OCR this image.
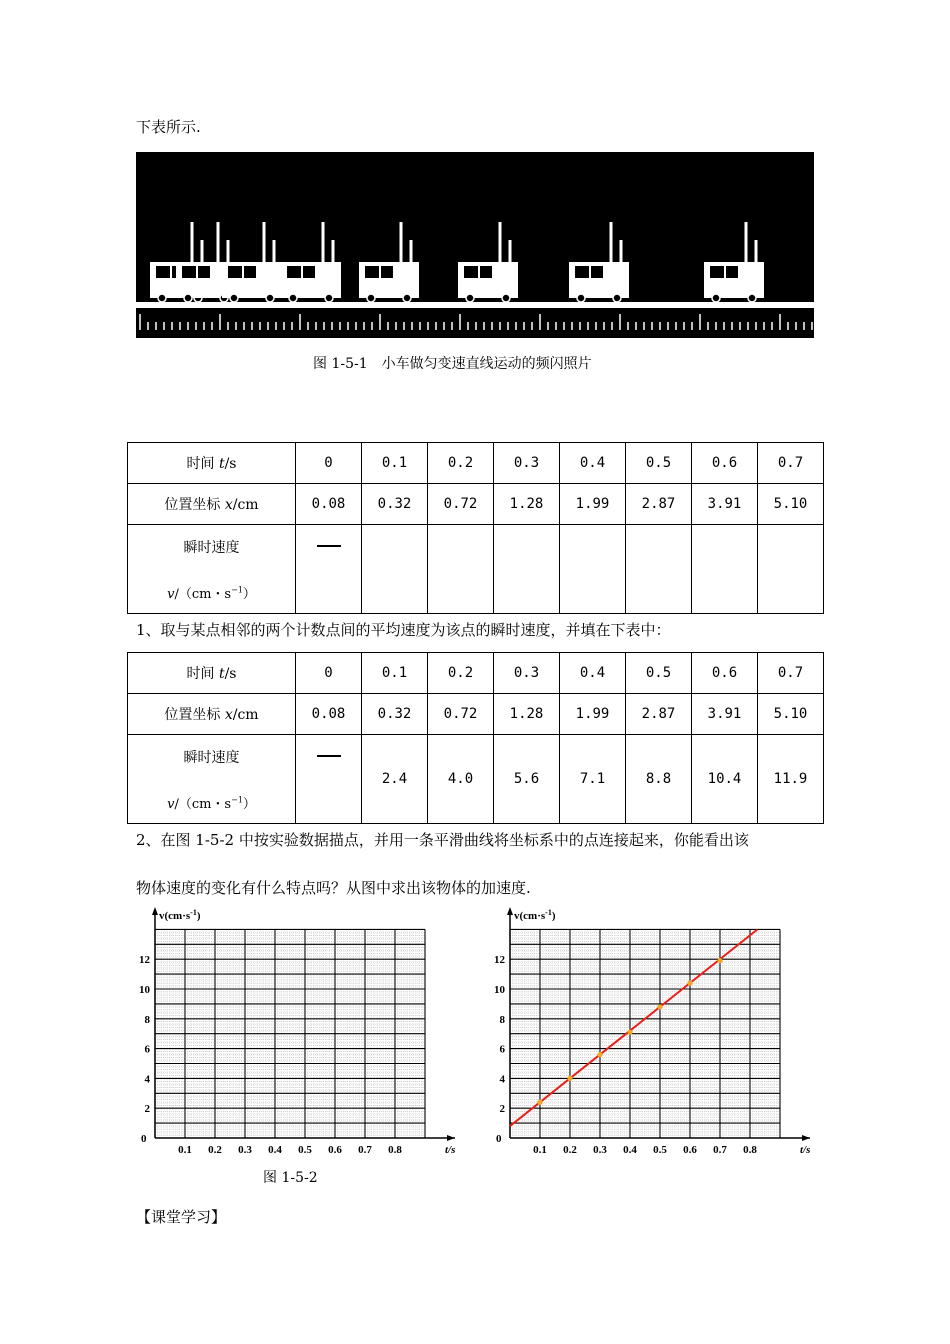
下表所示.
图 1-5-1　小车做匀变速直线运动的频闪照片
时间 t/s	0	0.1	0.2	0.3	0.4	0.5	0.6	0.7
位置坐标 x/cm	0.08	0.32	0.72	1.28	1.99	2.87	3.91	5.10

瞬时速度
v/（cm・$s^{-1}$）								

1、取与某点相邻的两个计数点间的平均速度为该点的瞬时速度，并填在下表中：
时间 t/s	0	0.1	0.2	0.3	0.4	0.5	0.6	0.7
位置坐标 x/cm	0.08	0.32	0.72	1.28	1.99	2.87	3.91	5.10

瞬时速度
v/（cm・$s^{-1}$）		2.4	4.0	5.6	7.1	8.8	10.4	11.9
2、在图 1-5-2 中按实验数据描点，并用一条平滑曲线将坐标系中的点连接起来，你能看出该
物体速度的变化有什么特点吗？从图中求出该物体的加速度.
$v(cm\cdot s^{-1})$
t/s
0
2
4
6
8
10
12
0.1 0.2 0.3 0.4 0.5 0.6 0.7 0.8
$v(cm\cdot s^{-1})$
t/s
0
2
4
6
8
10
12
0.1 0.2 0.3 0.4 0.5 0.6 0.7 0.8
图 1-5-2
【课堂学习】
